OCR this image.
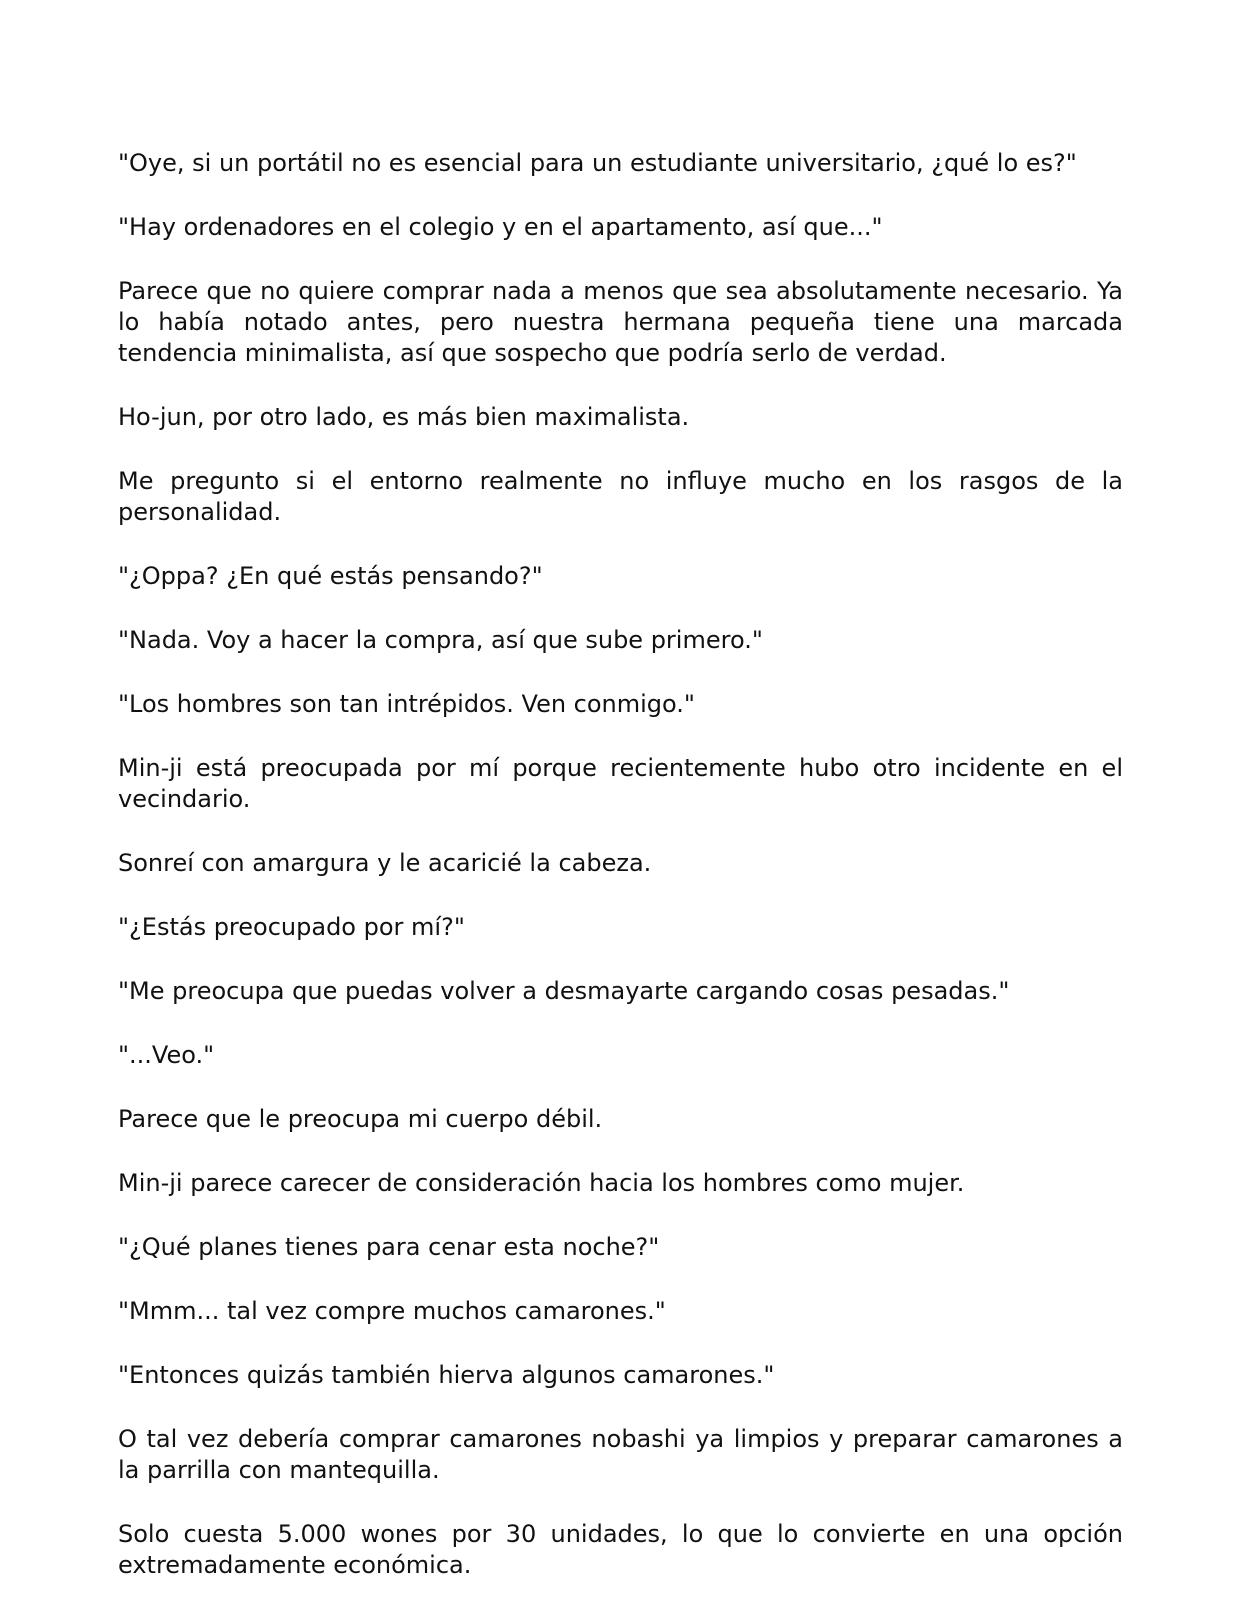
"Oye, si un portátil no es esencial para un estudiante universitario, ¿qué lo es?"

"Hay ordenadores en el colegio y en el apartamento, así que..."

Parece que no quiere comprar nada a menos que sea absolutamente necesario. Ya lo había notado antes, pero nuestra hermana pequeña tiene una marcada tendencia minimalista, así que sospecho que podría serlo de verdad.

Ho-jun, por otro lado, es más bien maximalista.

Me pregunto si el entorno realmente no influye mucho en los rasgos de la personalidad.

"¿Oppa? ¿En qué estás pensando?"

"Nada. Voy a hacer la compra, así que sube primero."

"Los hombres son tan intrépidos. Ven conmigo."

Min-ji está preocupada por mí porque recientemente hubo otro incidente en el vecindario.

Sonreí con amargura y le acaricié la cabeza.

"¿Estás preocupado por mí?"

"Me preocupa que puedas volver a desmayarte cargando cosas pesadas."

"...Veo."

Parece que le preocupa mi cuerpo débil.

Min-ji parece carecer de consideración hacia los hombres como mujer.

"¿Qué planes tienes para cenar esta noche?"

"Mmm... tal vez compre muchos camarones."

"Entonces quizás también hierva algunos camarones."

O tal vez debería comprar camarones nobashi ya limpios y preparar camarones a la parrilla con mantequilla.

Solo cuesta 5.000 wones por 30 unidades, lo que lo convierte en una opción extremadamente económica.
